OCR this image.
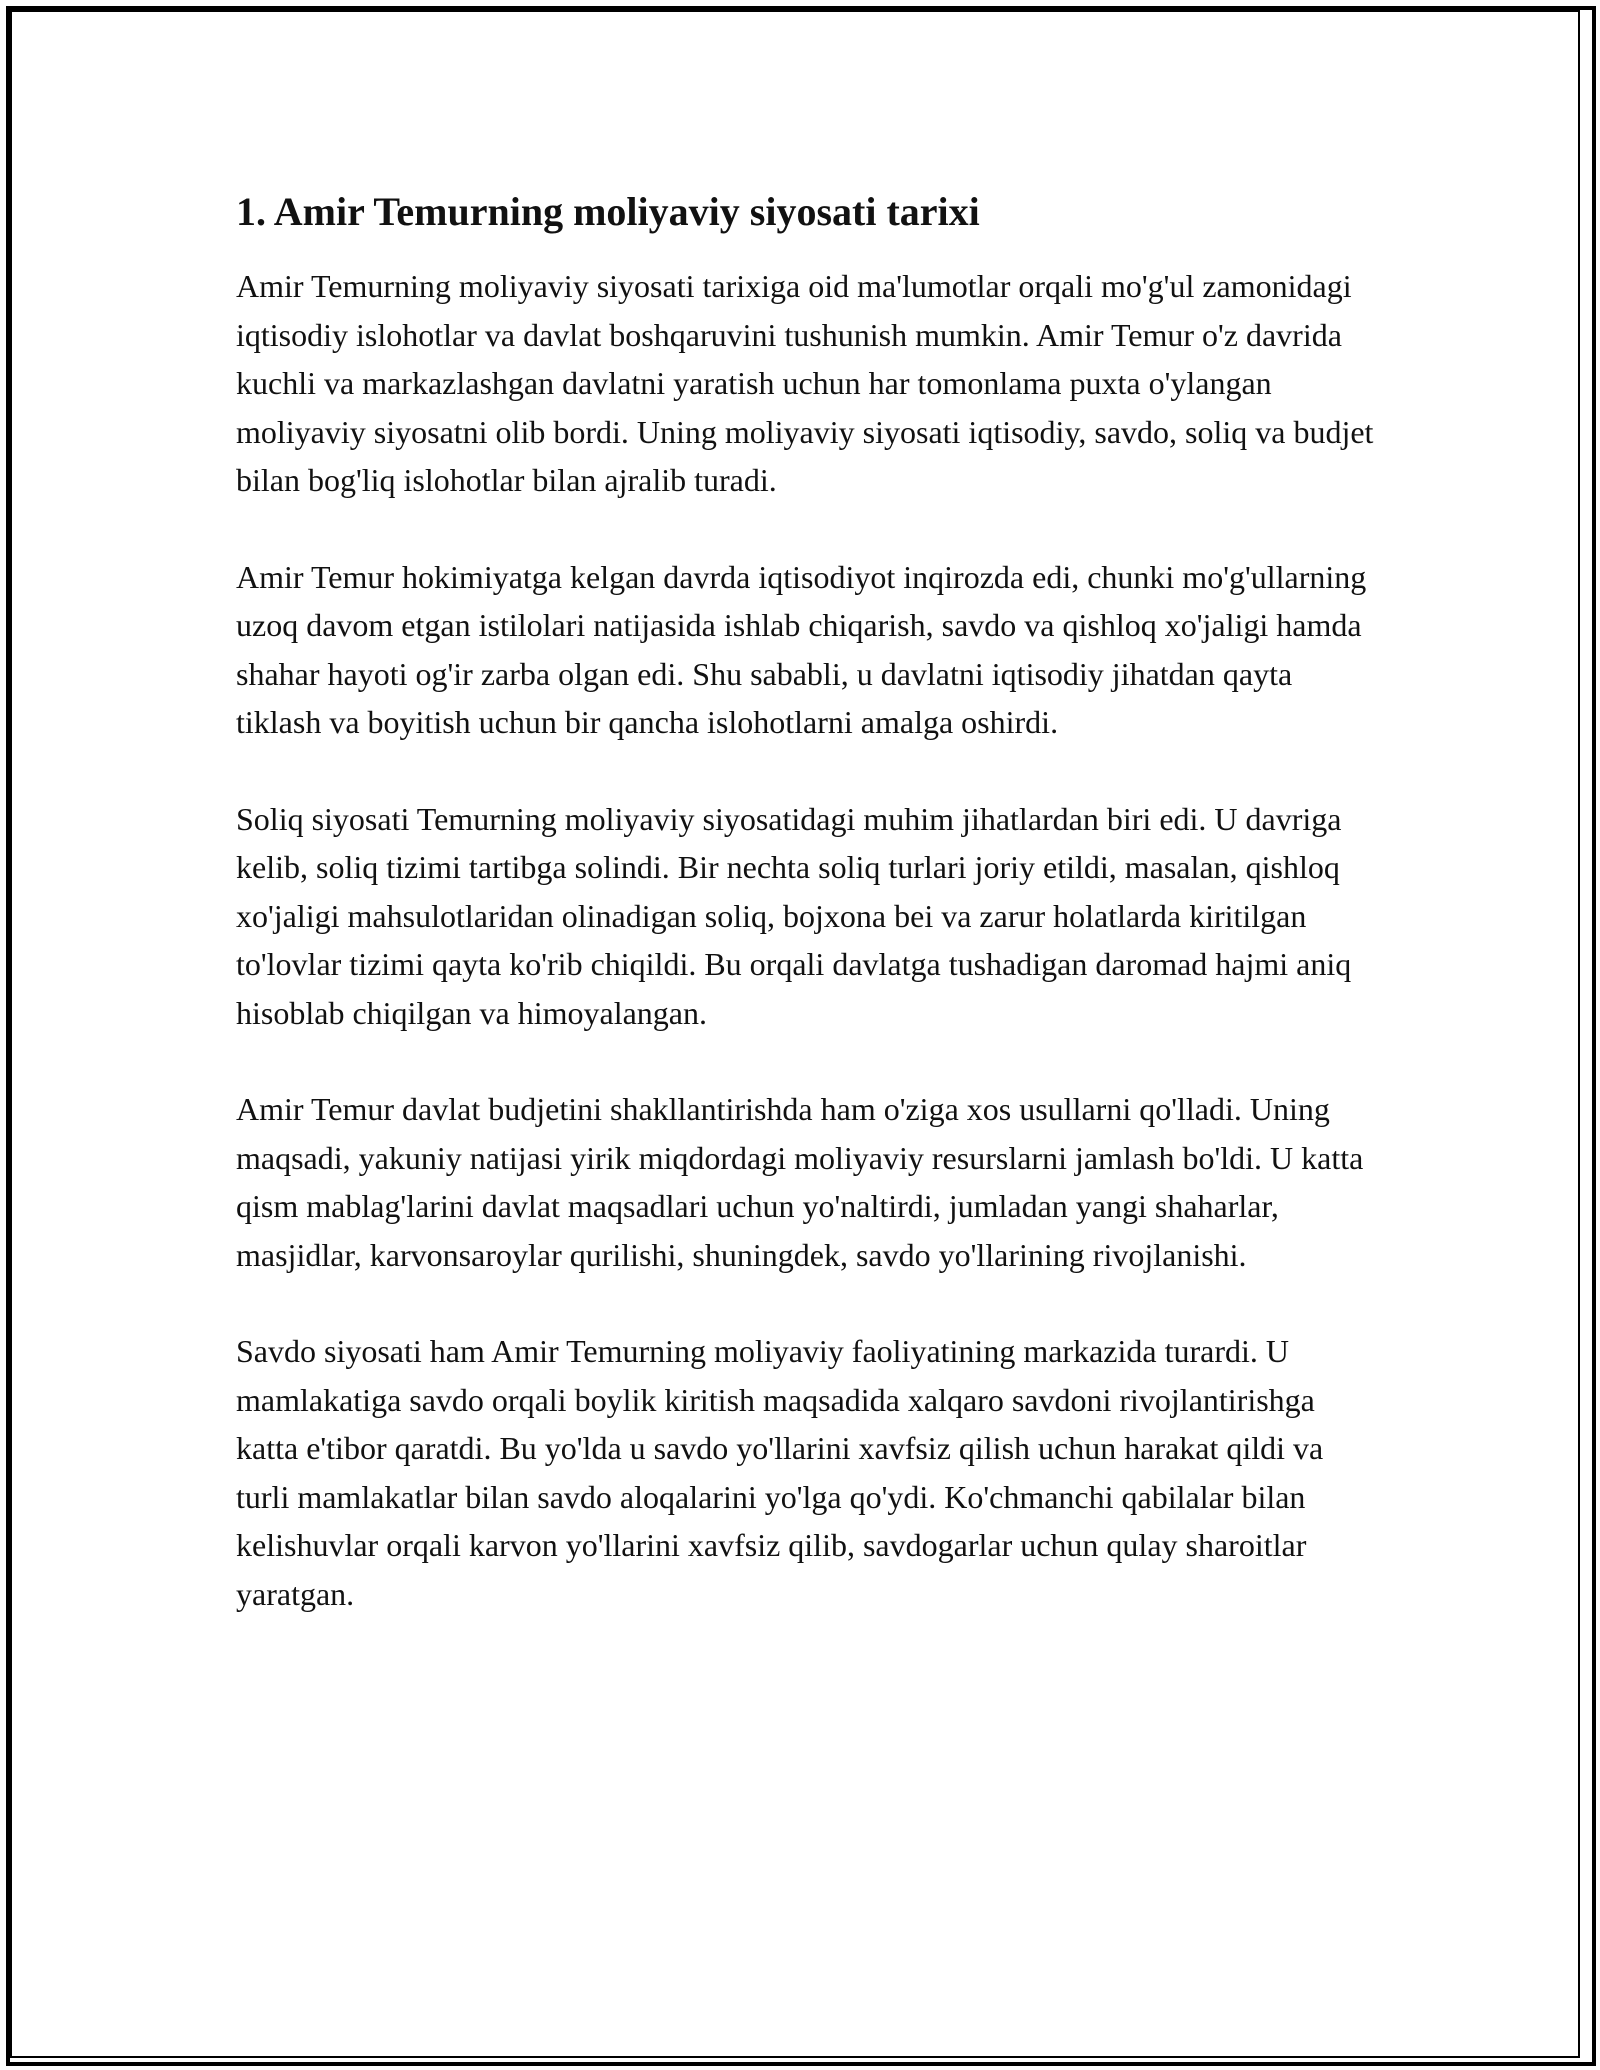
1. Amir Temurning moliyaviy siyosati tarixi

Amir Temurning moliyaviy siyosati tarixiga oid ma'lumotlar orqali mo'g'ul zamonidagi iqtisodiy islohotlar va davlat boshqaruvini tushunish mumkin. Amir Temur o'z davrida kuchli va markazlashgan davlatni yaratish uchun har tomonlama puxta o'ylangan moliyaviy siyosatni olib bordi. Uning moliyaviy siyosati iqtisodiy, savdo, soliq va budjet bilan bog'liq islohotlar bilan ajralib turadi.

Amir Temur hokimiyatga kelgan davrda iqtisodiyot inqirozda edi, chunki mo'g'ullarning uzoq davom etgan istilolari natijasida ishlab chiqarish, savdo va qishloq xo'jaligi hamda shahar hayoti og'ir zarba olgan edi. Shu sababli, u davlatni iqtisodiy jihatdan qayta tiklash va boyitish uchun bir qancha islohotlarni amalga oshirdi.

Soliq siyosati Temurning moliyaviy siyosatidagi muhim jihatlardan biri edi. U davriga kelib, soliq tizimi tartibga solindi. Bir nechta soliq turlari joriy etildi, masalan, qishloq xo'jaligi mahsulotlaridan olinadigan soliq, bojxona bei va zarur holatlarda kiritilgan to'lovlar tizimi qayta ko'rib chiqildi. Bu orqali davlatga tushadigan daromad hajmi aniq hisoblab chiqilgan va himoyalangan.

Amir Temur davlat budjetini shakllantirishda ham o'ziga xos usullarni qo'lladi. Uning maqsadi, yakuniy natijasi yirik miqdordagi moliyaviy resurslarni jamlash bo'ldi. U katta qism mablag'larini davlat maqsadlari uchun yo'naltirdi, jumladan yangi shaharlar, masjidlar, karvonsaroylar qurilishi, shuningdek, savdo yo'llarining rivojlanishi.

Savdo siyosati ham Amir Temurning moliyaviy faoliyatining markazida turardi. U mamlakatiga savdo orqali boylik kiritish maqsadida xalqaro savdoni rivojlantirishga katta e'tibor qaratdi. Bu yo'lda u savdo yo'llarini xavfsiz qilish uchun harakat qildi va turli mamlakatlar bilan savdo aloqalarini yo'lga qo'ydi. Ko'chmanchi qabilalar bilan kelishuvlar orqali karvon yo'llarini xavfsiz qilib, savdogarlar uchun qulay sharoitlar yaratgan.
